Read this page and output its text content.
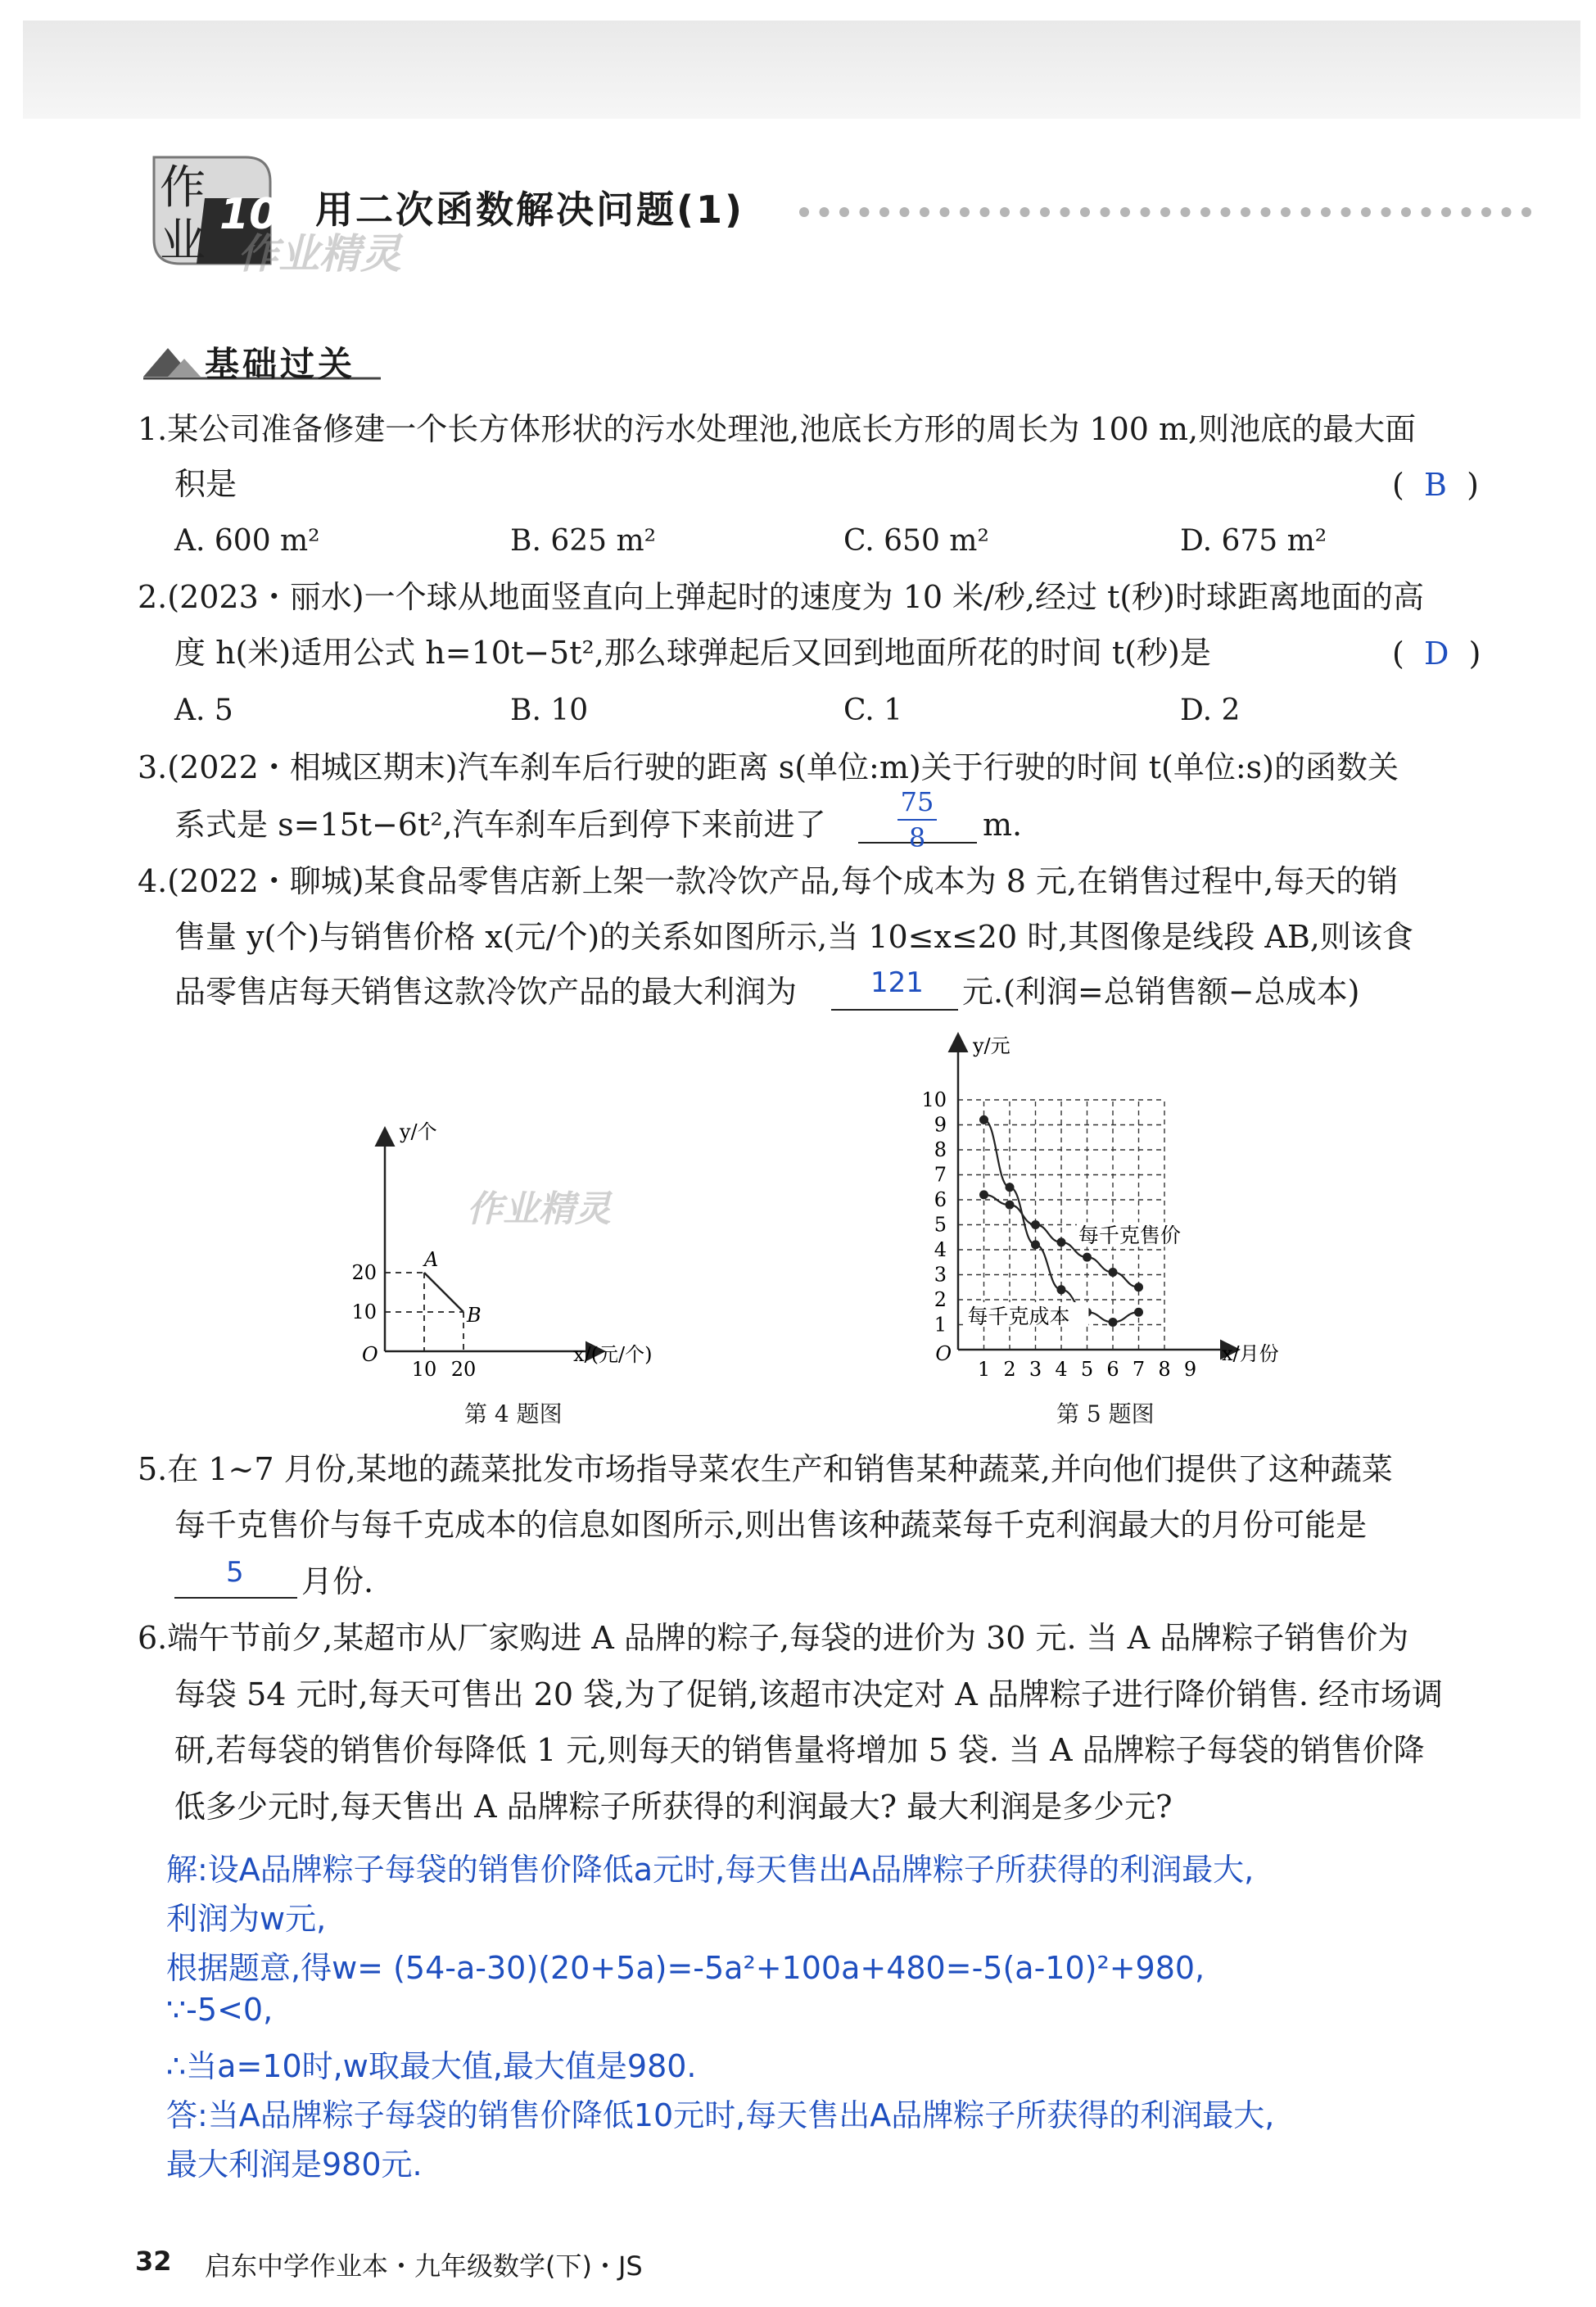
作
业 10 用二次函数解决问题(1)
作业精灵
基础过关
1.某公司准备修建一个长方体形状的污水处理池,池底长方形的周长为 100 m,则池底的最大面
积是	(  B  )
A. 600 m²	B. 625 m²	C. 650 m²	D. 675 m²
2.(2023・丽水)一个球从地面竖直向上弹起时的速度为 10 米/秒,经过 t(秒)时球距离地面的高
度 h(米)适用公式 h=10t−5t²,那么球弹起后又回到地面所花的时间 t(秒)是	(  D  )
A. 5	B. 10	C. 1	D. 2
3.(2022・相城区期末)汽车刹车后行驶的距离 s(单位:m)关于行驶的时间 t(单位:s)的函数关
系式是 s=15t−6t²,汽车刹车后到停下来前进了
75
8	m.
4.(2022・聊城)某食品零售店新上架一款冷饮产品,每个成本为 8 元,在销售过程中,每天的销
售量 y(个)与销售价格 x(元/个)的关系如图所示,当 10≤x≤20 时,其图像是线段 AB,则该食
品零售店每天销售这款冷饮产品的最大利润为	121 元.(利润=总销售额−总成本)
A
B
10 20
10
20
y/个
x/(元/个)
O
作业精灵
第 4 题图
1 2 3 4 5 6 7 8 9
1
2
3
4
5
6
7
8
9
10
每千克售价
每千克成本
y/元
x/月份
O
第 5 题图
5.在 1~7 月份,某地的蔬菜批发市场指导菜农生产和销售某种蔬菜,并向他们提供了这种蔬菜
每千克售价与每千克成本的信息如图所示,则出售该种蔬菜每千克利润最大的月份可能是
5 月份.
6.端午节前夕,某超市从厂家购进 A 品牌的粽子,每袋的进价为 30 元. 当 A 品牌粽子销售价为
每袋 54 元时,每天可售出 20 袋,为了促销,该超市决定对 A 品牌粽子进行降价销售. 经市场调
研,若每袋的销售价每降低 1 元,则每天的销售量将增加 5 袋. 当 A 品牌粽子每袋的销售价降
低多少元时,每天售出 A 品牌粽子所获得的利润最大? 最大利润是多少元?
解:设A品牌粽子每袋的销售价降低a元时,每天售出A品牌粽子所获得的利润最大,
利润为w元,
根据题意,得w= (54-a-30)(20+5a)=-5a²+100a+480=-5(a-10)²+980,
∵-5<0,
∴当a=10时,w取最大值,最大值是980.
答:当A品牌粽子每袋的销售价降低10元时,每天售出A品牌粽子所获得的利润最大,
最大利润是980元.
32 启东中学作业本・九年级数学(下)・JS
